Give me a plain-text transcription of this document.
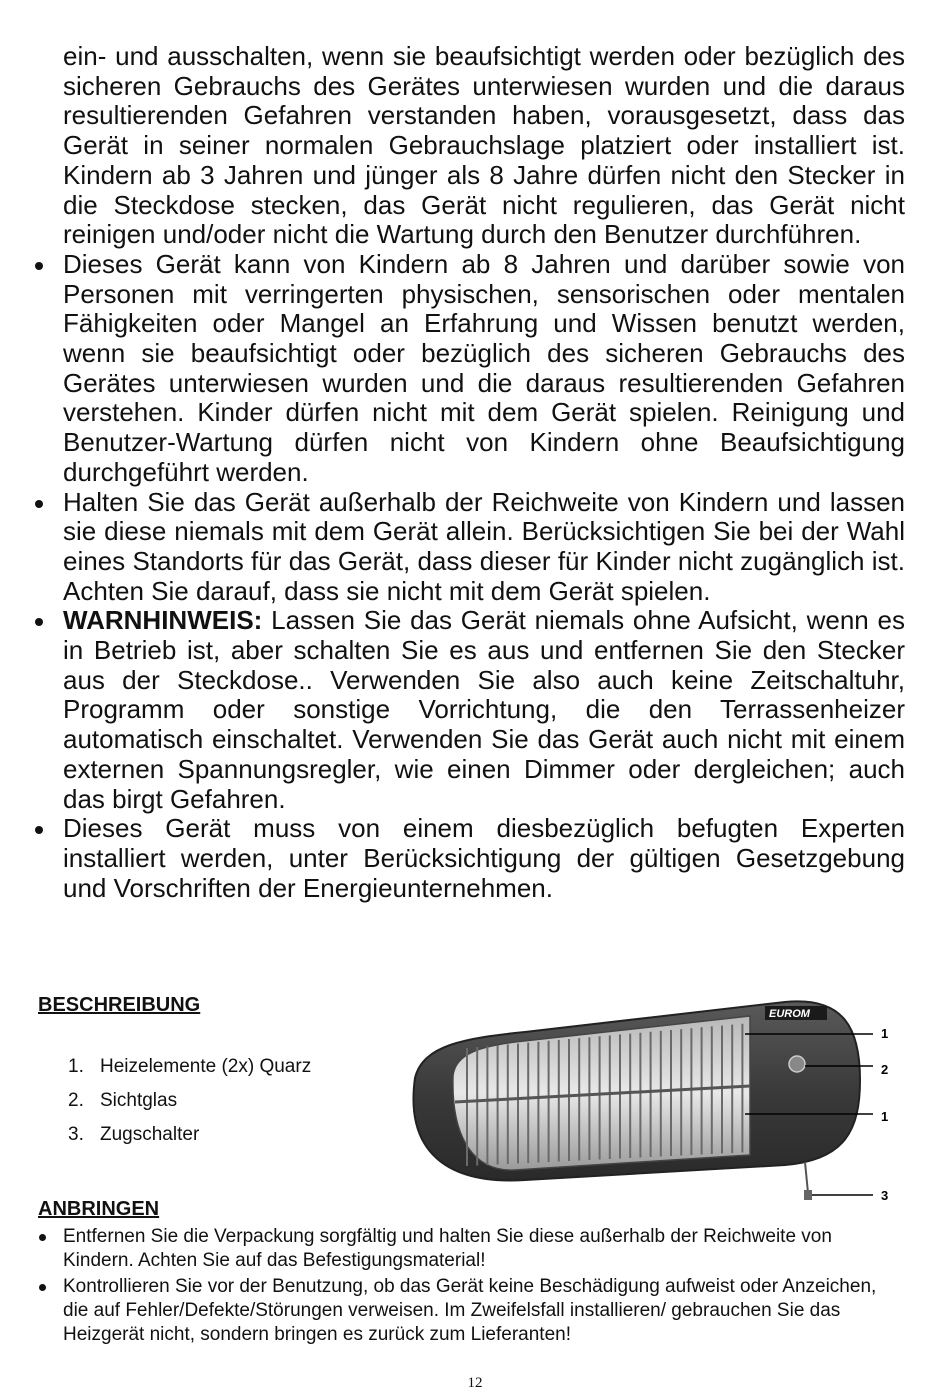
ein- und ausschalten, wenn sie beaufsichtigt werden oder bezüglich des sicheren Gebrauchs des Gerätes unterwiesen wurden und die daraus resultierenden Gefahren verstanden haben, vorausgesetzt, dass das Gerät in seiner normalen Gebrauchslage platziert oder installiert ist. Kindern ab 3 Jahren und jünger als 8 Jahre dürfen nicht den Stecker in die Steckdose stecken, das Gerät nicht regulieren, das Gerät nicht reinigen und/oder nicht die Wartung durch den Benutzer durchführen.

Dieses Gerät kann von Kindern ab 8 Jahren und darüber sowie von Personen mit verringerten physischen, sensorischen oder mentalen Fähigkeiten oder Mangel an Erfahrung und Wissen benutzt werden, wenn sie beaufsichtigt oder bezüglich des sicheren Gebrauchs des Gerätes unterwiesen wurden und die daraus resultierenden Gefahren verstehen. Kinder dürfen nicht mit dem Gerät spielen. Reinigung und Benutzer-Wartung dürfen nicht von Kindern ohne Beaufsichtigung durchgeführt werden.
Halten Sie das Gerät außerhalb der Reichweite von Kindern und lassen sie diese niemals mit dem Gerät allein. Berücksichtigen Sie bei der Wahl eines Standorts für das Gerät, dass dieser für Kinder nicht zugänglich ist. Achten Sie darauf, dass sie nicht mit dem Gerät spielen.
WARNHINWEIS: Lassen Sie das Gerät niemals ohne Aufsicht, wenn es in Betrieb ist, aber schalten Sie es aus und entfernen Sie den Stecker aus der Steckdose.. Verwenden Sie also auch keine Zeitschaltuhr, Programm oder sonstige Vorrichtung, die den Terrassenheizer automatisch einschaltet. Verwenden Sie das Gerät auch nicht mit einem externen Spannungsregler, wie einen Dimmer oder dergleichen; auch das birgt Gefahren.
Dieses Gerät muss von einem diesbezüglich befugten Experten installiert werden, unter Berücksichtigung der gültigen Gesetzgebung und Vorschriften der Energieunternehmen.
BESCHREIBUNG
1. Heizelemente (2x) Quarz
2. Sichtglas
3. Zugschalter
EUROM
1
2
1
3
ANBRINGEN
Entfernen Sie die Verpackung sorgfältig und halten Sie diese außerhalb der Reichweite von Kindern. Achten Sie auf das Befestigungsmaterial!
Kontrollieren Sie vor der Benutzung, ob das Gerät keine Beschädigung aufweist oder Anzeichen, die auf Fehler/Defekte/Störungen verweisen. Im Zweifelsfall installieren/ gebrauchen Sie das Heizgerät nicht, sondern bringen es zurück zum Lieferanten!
12
